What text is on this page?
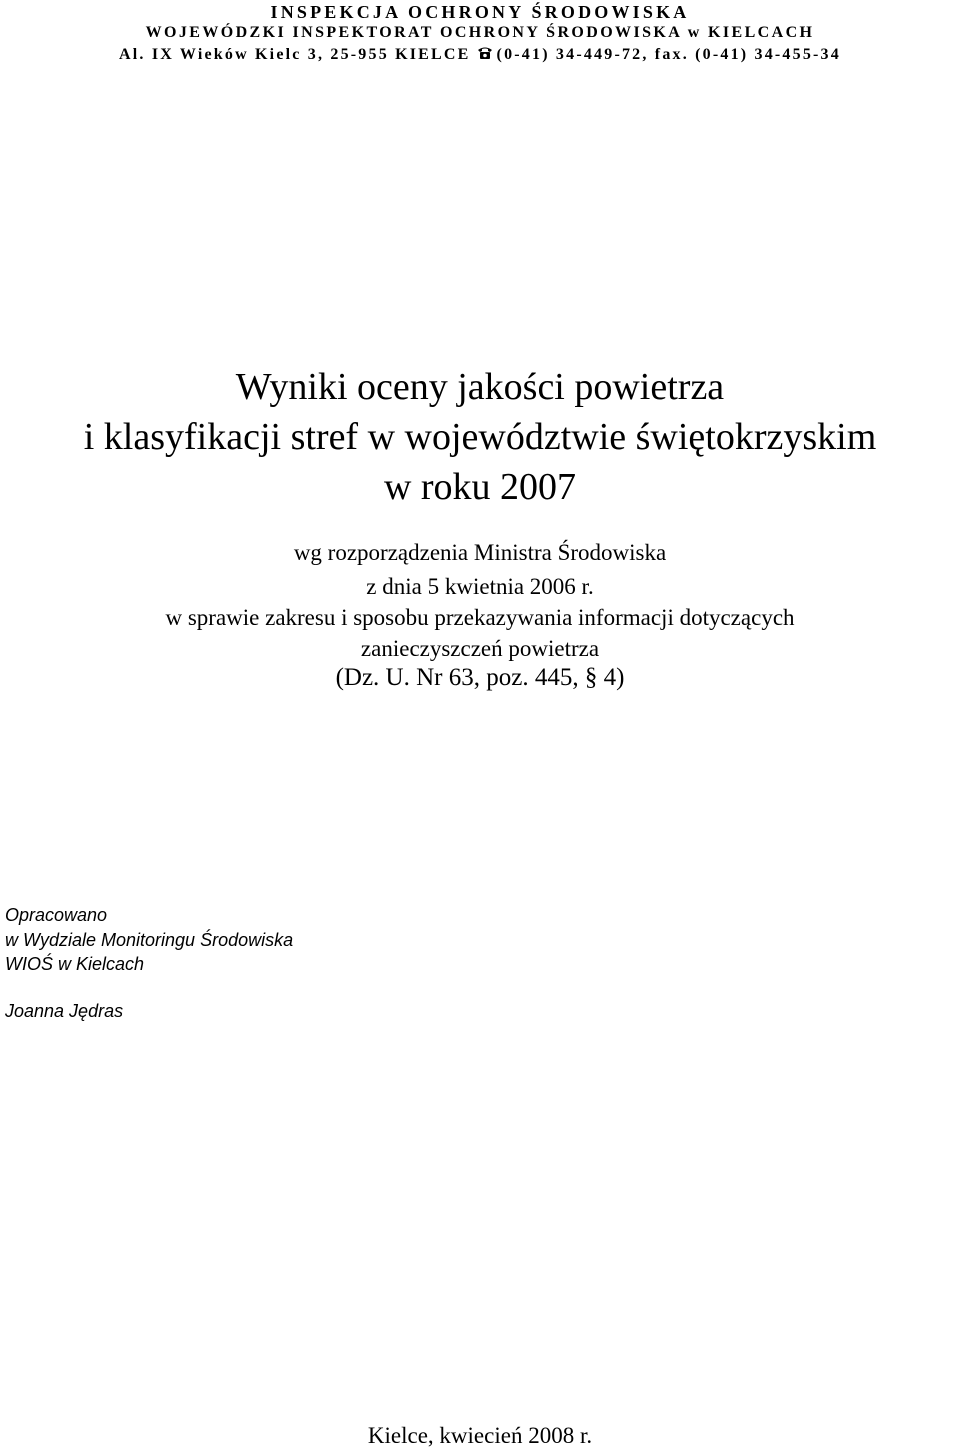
INSPEKCJA OCHRONY ŚRODOWISKA
WOJEWÓDZKI INSPEKTORAT OCHRONY ŚRODOWISKA w KIELCACH
Al. IX Wieków Kielc 3, 25-955 KIELCE (0-41) 34-449-72, fax. (0-41) 34-455-34
Wyniki oceny jakości powietrza
i klasyfikacji stref w województwie świętokrzyskim
w roku 2007
wg rozporządzenia Ministra Środowiska
z dnia 5 kwietnia 2006 r.
w sprawie zakresu i sposobu przekazywania informacji dotyczących
zanieczyszczeń powietrza
(Dz. U. Nr 63, poz. 445, § 4)
Opracowano
w Wydziale Monitoringu Środowiska
WIOŚ w Kielcach
Joanna Jędras
Kielce, kwiecień 2008 r.
